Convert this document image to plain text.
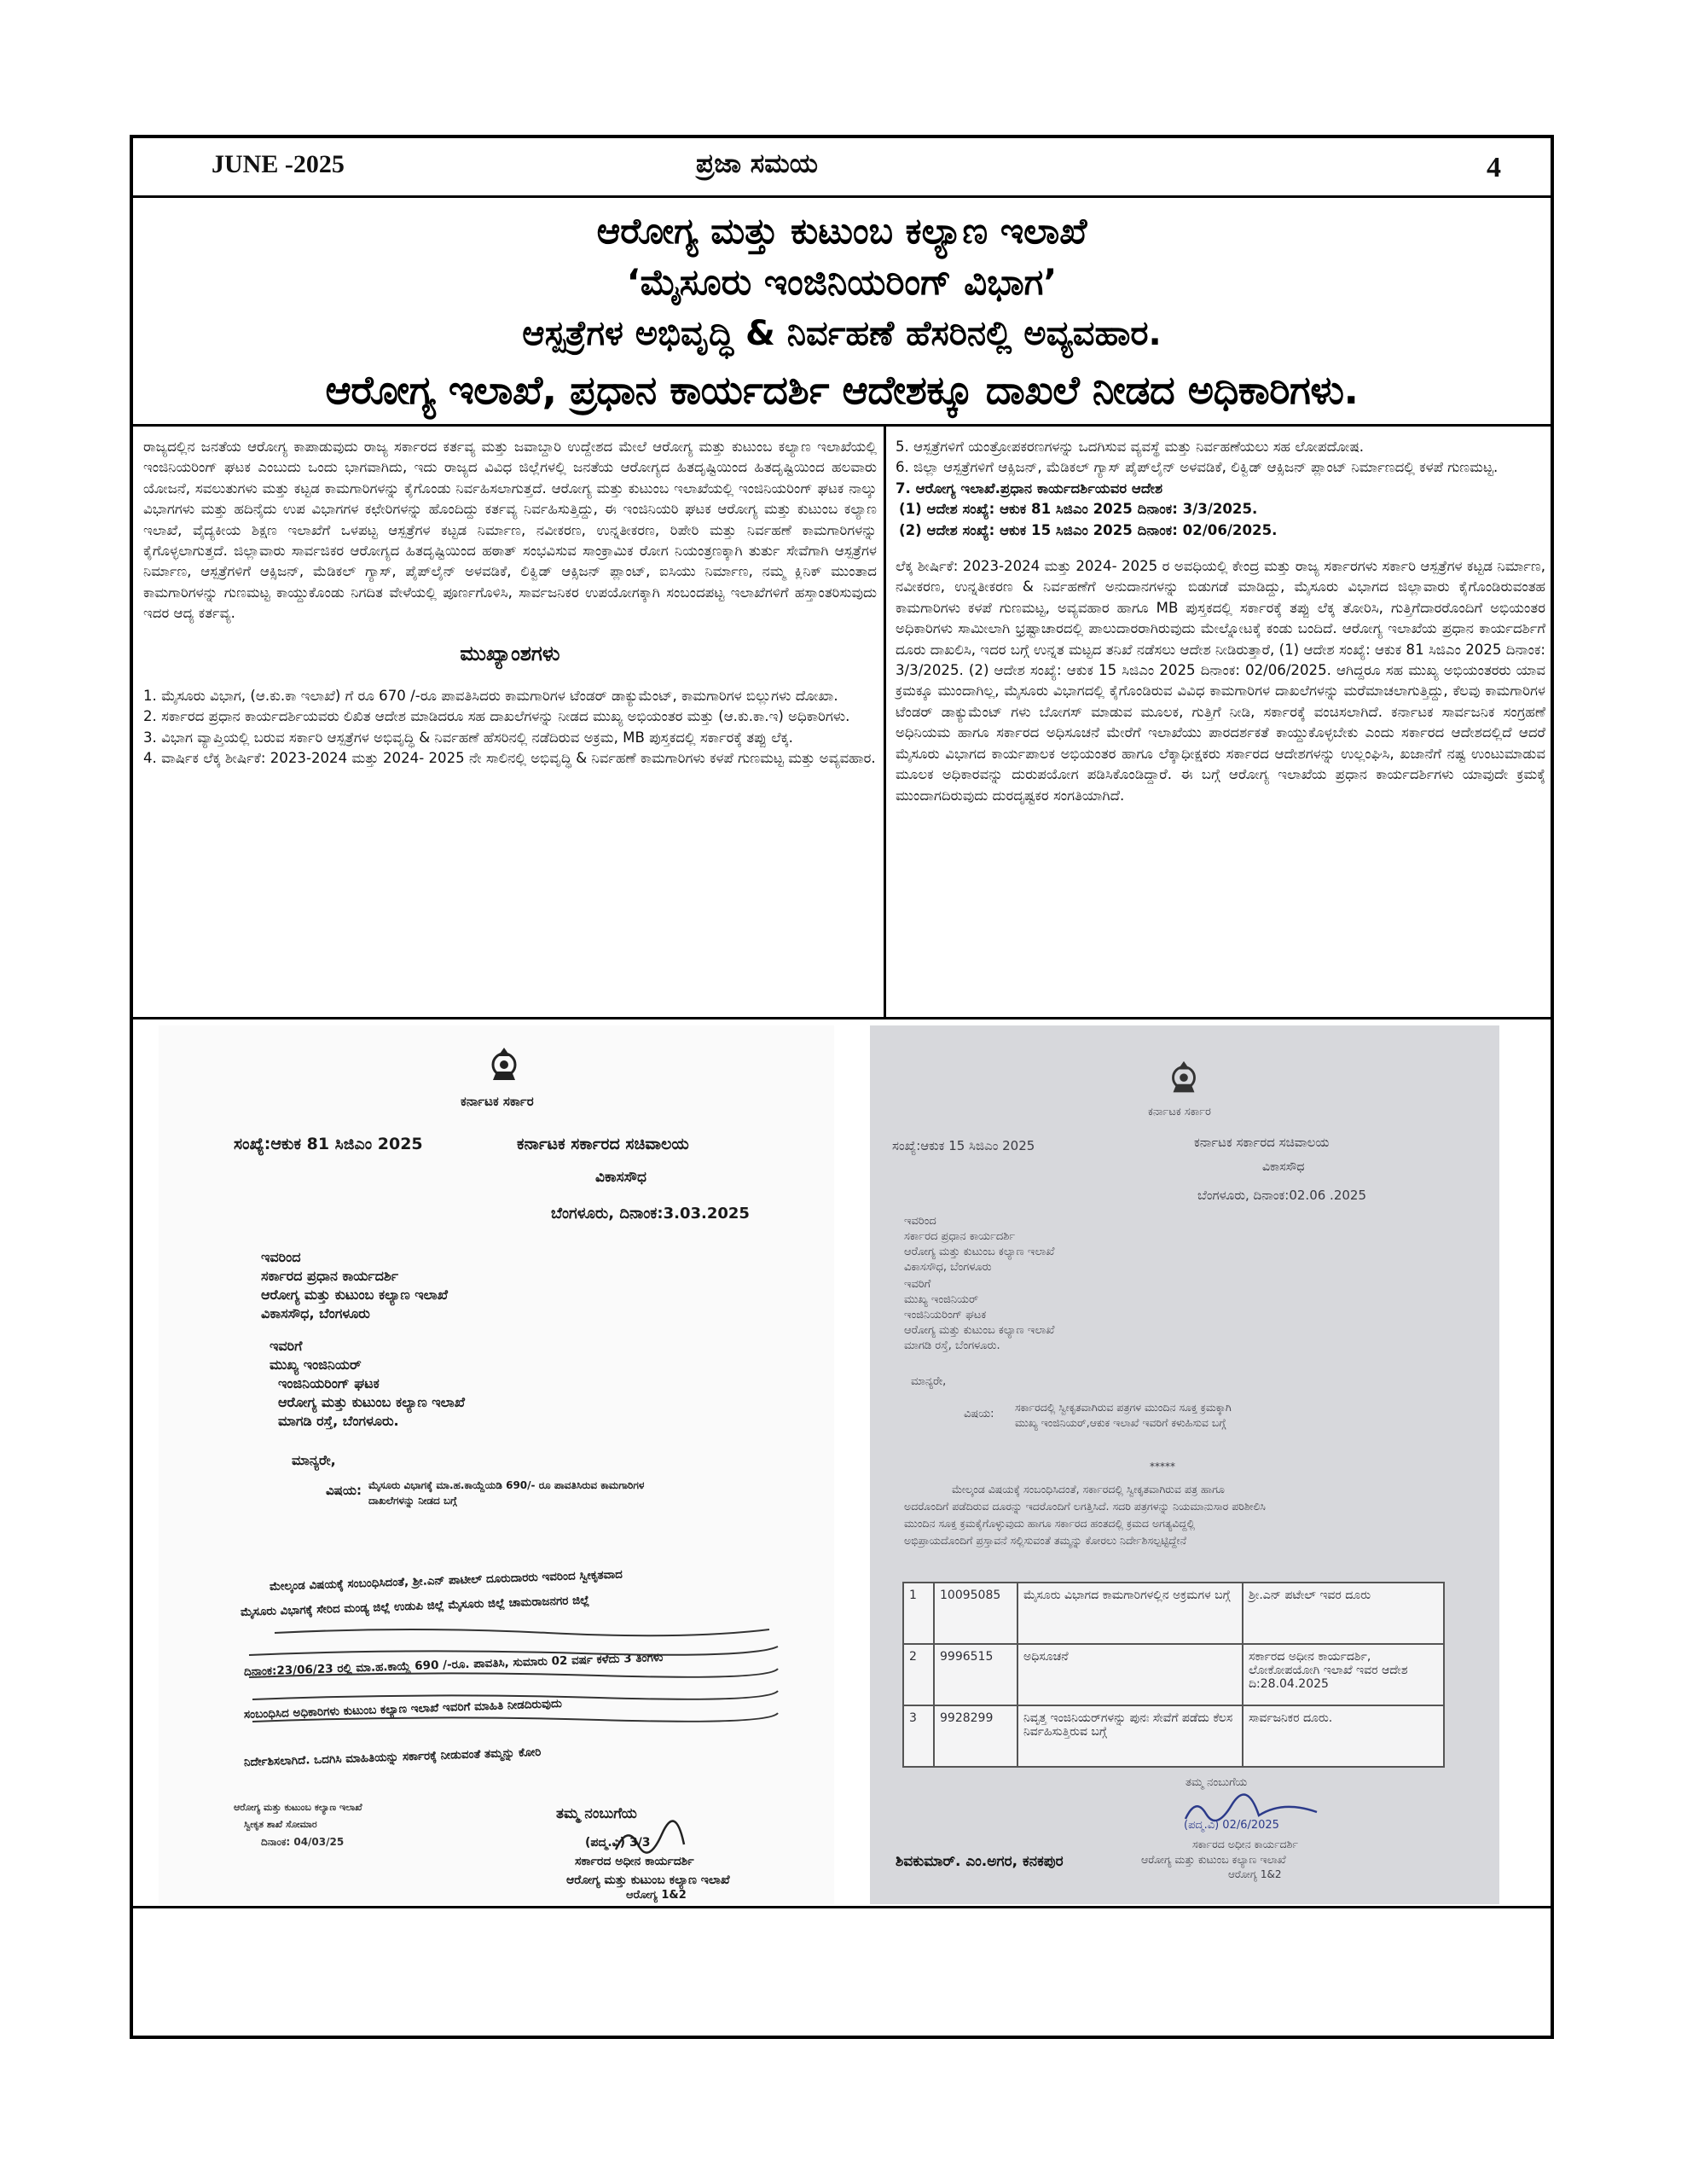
JUNE -2025	ಪ್ರಜಾ ಸಮಯ	4
ಆರೋಗ್ಯ ಮತ್ತು ಕುಟುಂಬ ಕಲ್ಯಾಣ ಇಲಾಖೆ
‘ಮೈಸೂರು ಇಂಜಿನಿಯರಿಂಗ್ ವಿಭಾಗ’
ಆಸ್ಪತ್ರೆಗಳ ಅಭಿವೃದ್ಧಿ & ನಿರ್ವಹಣೆ ಹೆಸರಿನಲ್ಲಿ ಅವ್ಯವಹಾರ.
ಆರೋಗ್ಯ ಇಲಾಖೆ, ಪ್ರಧಾನ ಕಾರ್ಯದರ್ಶಿ ಆದೇಶಕ್ಕೂ ದಾಖಲೆ ನೀಡದ ಅಧಿಕಾರಿಗಳು.

ರಾಜ್ಯದಲ್ಲಿನ ಜನತೆಯ ಆರೋಗ್ಯ ಕಾಪಾಡುವುದು ರಾಜ್ಯ ಸರ್ಕಾರದ ಕರ್ತವ್ಯ ಮತ್ತು ಜವಾಬ್ದಾರಿ ಉದ್ದೇಶದ ಮೇಲೆ ಆರೋಗ್ಯ ಮತ್ತು ಕುಟುಂಬ ಕಲ್ಯಾಣ ಇಲಾಖೆಯಲ್ಲಿ ಇಂಜಿನಿಯರಿಂಗ್ ಘಟಕ ಎಂಬುದು ಒಂದು ಭಾಗವಾಗಿದು, ಇದು ರಾಜ್ಯದ ವಿವಿಧ ಜಿಲ್ಲೆಗಳಲ್ಲಿ ಜನತೆಯ ಆರೋಗ್ಯದ ಹಿತದೃಷ್ಟಿಯಿಂದ ಹಿತದೃಷ್ಟಿಯಿಂದ ಹಲವಾರು ಯೋಜನೆ, ಸವಲುತುಗಳು ಮತ್ತು ಕಟ್ಟಡ ಕಾಮಗಾರಿಗಳನ್ನು ಕೈಗೊಂಡು ನಿರ್ವಹಿಸಲಾಗುತ್ತದೆ. ಆರೋಗ್ಯ ಮತ್ತು ಕುಟುಂಬ ಇಲಾಖೆಯಲ್ಲಿ ಇಂಜಿನಿಯರಿಂಗ್ ಘಟಕ ನಾಲ್ಕು ವಿಭಾಗಗಳು ಮತ್ತು ಹದಿನೈದು ಉಪ ವಿಭಾಗಗಳ ಕಛೇರಿಗಳನ್ನು ಹೊಂದಿದ್ದು ಕರ್ತವ್ಯ ನಿರ್ವಹಿಸುತ್ತಿದ್ದು, ಈ ಇಂಜಿನಿಯರಿ ಘಟಕ ಆರೋಗ್ಯ ಮತ್ತು ಕುಟುಂಬ ಕಲ್ಯಾಣ ಇಲಾಖೆ, ವೈದ್ಯಕೀಯ ಶಿಕ್ಷಣ ಇಲಾಖೆಗೆ ಒಳಪಟ್ಟ ಆಸ್ಪತ್ರೆಗಳ ಕಟ್ಟಡ ನಿರ್ಮಾಣ, ನವೀಕರಣ, ಉನ್ನತೀಕರಣ, ರಿಪೇರಿ ಮತ್ತು ನಿರ್ವಹಣೆ ಕಾಮಗಾರಿಗಳನ್ನು ಕೈಗೊಳ್ಳಲಾಗುತ್ತದೆ. ಜಿಲ್ಲಾವಾರು ಸಾರ್ವಜಿಕರ ಆರೋಗ್ಯದ ಹಿತದೃಷ್ಟಿಯಿಂದ ಹಠಾತ್ ಸಂಭವಿಸುವ ಸಾಂಕ್ರಾಮಿಕ ರೋಗ ನಿಯಂತ್ರಣಕ್ಕಾಗಿ ತುರ್ತು ಸೇವೆಗಾಗಿ ಆಸ್ಪತ್ರೆಗಳ ನಿರ್ಮಾಣ, ಆಸ್ಪತ್ರೆಗಳಿಗೆ ಆಕ್ಸಿಜನ್, ಮೆಡಿಕಲ್ ಗ್ಯಾಸ್, ಪೈಪ್‌ಲೈನ್ ಅಳವಡಿಕೆ, ಲಿಕ್ವಿಡ್ ಆಕ್ಸಿಜನ್ ಪ್ಲಾಂಟ್, ಐಸಿಯು ನಿರ್ಮಾಣ, ನಮ್ಮ ಕ್ಲಿನಿಕ್ ಮುಂತಾದ ಕಾಮಗಾರಿಗಳನ್ನು ಗುಣಮಟ್ಟ ಕಾಯ್ದುಕೊಂಡು ನಿಗದಿತ ವೇಳೆಯಲ್ಲಿ ಪೂರ್ಣಗೊಳಿಸಿ, ಸಾರ್ವಜನಿಕರ ಉಪಯೋಗಕ್ಕಾಗಿ ಸಂಬಂದಪಟ್ಟ ಇಲಾಖೆಗಳಿಗೆ ಹಸ್ತಾಂತರಿಸುವುದು ಇದರ ಆದ್ಯ ಕರ್ತವ್ಯ.

ಮುಖ್ಯಾಂಶಗಳು

1. ಮೈಸೂರು ವಿಭಾಗ, (ಆ.ಕು.ಕಾ ಇಲಾಖೆ) ಗೆ ರೂ 670 /-ರೂ ಪಾವತಿಸಿದರು ಕಾಮಗಾರಿಗಳ ಟೆಂಡರ್ ಡಾಕ್ಯುಮೆಂಟ್, ಕಾಮಗಾರಿಗಳ ಬಿಲ್ಲುಗಳು ದೋಖಾ.

2. ಸರ್ಕಾರದ ಪ್ರಧಾನ ಕಾರ್ಯದರ್ಶಿಯವರು ಲಿಖಿತ ಆದೇಶ ಮಾಡಿದರೂ ಸಹ ದಾಖಲೆಗಳನ್ನು ನೀಡದ ಮುಖ್ಯ ಅಭಿಯಂತರ ಮತ್ತು (ಆ.ಕು.ಕಾ.ಇ) ಅಧಿಕಾರಿಗಳು.

3. ವಿಭಾಗ ವ್ಯಾಪ್ತಿಯಲ್ಲಿ ಬರುವ ಸರ್ಕಾರಿ ಆಸ್ಪತ್ರೆಗಳ ಅಭಿವೃದ್ಧಿ & ನಿರ್ವಹಣೆ ಹೆಸರಿನಲ್ಲಿ ನಡೆದಿರುವ ಅಕ್ರಮ, MB ಪುಸ್ತಕದಲ್ಲಿ ಸರ್ಕಾರಕ್ಕೆ ತಪ್ಪು ಲೆಕ್ಕ.

4. ವಾರ್ಷಿಕ ಲೆಕ್ಕ ಶೀರ್ಷಿಕೆ: 2023-2024 ಮತ್ತು 2024- 2025 ನೇ ಸಾಲಿನಲ್ಲಿ ಅಭಿವೃದ್ಧಿ & ನಿರ್ವಹಣೆ ಕಾಮಗಾರಿಗಳು ಕಳಪೆ ಗುಣಮಟ್ಟ ಮತ್ತು ಅವ್ಯವಹಾರ.

5. ಆಸ್ಪತ್ರೆಗಳಿಗೆ ಯಂತ್ರೋಪಕರಣಗಳನ್ನು ಒದಗಿಸುವ ವ್ಯವಸ್ಥೆ ಮತ್ತು ನಿರ್ವಹಣೆಯಲು ಸಹ ಲೋಪದೋಷ.

6. ಜಿಲ್ಲಾ ಆಸ್ಪತ್ರೆಗಳಿಗೆ ಆಕ್ಸಿಜನ್, ಮೆಡಿಕಲ್ ಗ್ಯಾಸ್ ಪೈಪ್‌ಲೈನ್ ಅಳವಡಿಕೆ, ಲಿಕ್ವಿಡ್ ಆಕ್ಸಿಜನ್ ಪ್ಲಾಂಟ್ ನಿರ್ಮಾಣದಲ್ಲಿ ಕಳಪೆ ಗುಣಮಟ್ಟ.

7. ಆರೋಗ್ಯ ಇಲಾಖೆ.ಪ್ರಧಾನ ಕಾರ್ಯದರ್ಶಿಯವರ ಆದೇಶ

(1) ಆದೇಶ ಸಂಖ್ಯೆ: ಆಕುಕ 81 ಸಿಜಿಎಂ 2025 ದಿನಾಂಕ: 3/3/2025.

(2) ಆದೇಶ ಸಂಖ್ಯೆ: ಆಕುಕ 15 ಸಿಜಿಎಂ 2025 ದಿನಾಂಕ: 02/06/2025.

ಲೆಕ್ಕ ಶೀರ್ಷಿಕೆ: 2023-2024 ಮತ್ತು 2024- 2025 ರ ಅವಧಿಯಲ್ಲಿ ಕೇಂದ್ರ ಮತ್ತು ರಾಜ್ಯ ಸರ್ಕಾರಗಳು ಸರ್ಕಾರಿ ಆಸ್ಪತ್ರೆಗಳ ಕಟ್ಟಡ ನಿರ್ಮಾಣ, ನವೀಕರಣ, ಉನ್ನತೀಕರಣ & ನಿರ್ವಹಣೆಗೆ ಅನುದಾನಗಳನ್ನು ಬಿಡುಗಡೆ ಮಾಡಿದ್ದು, ಮೈಸೂರು ವಿಭಾಗದ ಜಿಲ್ಲಾವಾರು ಕೈಗೊಂಡಿರುವಂತಹ ಕಾಮಗಾರಿಗಳು ಕಳಪೆ ಗುಣಮಟ್ಟ, ಅವ್ಯವಹಾರ ಹಾಗೂ MB ಪುಸ್ತಕದಲ್ಲಿ ಸರ್ಕಾರಕ್ಕೆ ತಪ್ಪು ಲೆಕ್ಕ ತೋರಿಸಿ, ಗುತ್ತಿಗೆದಾರರೊಂದಿಗೆ ಅಭಿಯಂತರ ಅಧಿಕಾರಿಗಳು ಸಾಮೀಲಾಗಿ ಭ್ರಷ್ಟಾಚಾರದಲ್ಲಿ ಪಾಲುದಾರರಾಗಿರುವುದು ಮೇಲ್ನೋಟಕ್ಕೆ ಕಂಡು ಬಂದಿದೆ. ಆರೋಗ್ಯ ಇಲಾಖೆಯ ಪ್ರಧಾನ ಕಾರ್ಯದರ್ಶಿಗೆ ದೂರು ದಾಖಲಿಸಿ, ಇದರ ಬಗ್ಗೆ ಉನ್ನತ ಮಟ್ಟದ ತನಿಖೆ ನಡೆಸಲು ಆದೇಶ ನೀಡಿರುತ್ತಾರೆ, (1) ಆದೇಶ ಸಂಖ್ಯೆ: ಆಕುಕ 81 ಸಿಜಿಎಂ 2025 ದಿನಾಂಕ: 3/3/2025. (2) ಆದೇಶ ಸಂಖ್ಯೆ: ಆಕುಕ 15 ಸಿಜಿಎಂ 2025 ದಿನಾಂಕ: 02/06/2025. ಆಗಿದ್ದರೂ ಸಹ ಮುಖ್ಯ ಅಭಿಯಂತರರು ಯಾವ ಕ್ರಮಕ್ಕೂ ಮುಂದಾಗಿಲ್ಲ, ಮೈಸೂರು ವಿಭಾಗದಲ್ಲಿ ಕೈಗೊಂಡಿರುವ ವಿವಿಧ ಕಾಮಗಾರಿಗಳ ದಾಖಲೆಗಳನ್ನು ಮರೆಮಾಚಲಾಗುತ್ತಿದ್ದು, ಕೆಲವು ಕಾಮಗಾರಿಗಳ ಟೆಂಡರ್ ಡಾಕ್ಯುಮೆಂಟ್ ಗಳು ಬೋಗಸ್ ಮಾಡುವ ಮೂಲಕ, ಗುತ್ತಿಗೆ ನೀಡಿ, ಸರ್ಕಾರಕ್ಕೆ ವಂಚಿಸಲಾಗಿದೆ. ಕರ್ನಾಟಕ ಸಾರ್ವಜನಿಕ ಸಂಗ್ರಹಣೆ ಅಧಿನಿಯಮ ಹಾಗೂ ಸರ್ಕಾರದ ಅಧಿಸೂಚನೆ ಮೇರೆಗೆ ಇಲಾಖೆಯು ಪಾರದರ್ಶಕತೆ ಕಾಯ್ದುಕೊಳ್ಳಬೇಕು ಎಂದು ಸರ್ಕಾರದ ಆದೇಶದಲ್ಲಿದೆ ಆದರೆ ಮೈಸೂರು ವಿಭಾಗದ ಕಾರ್ಯಪಾಲಕ ಅಭಿಯಂತರ ಹಾಗೂ ಲೆಕ್ಕಾಧೀಕ್ಷಕರು ಸರ್ಕಾರದ ಆದೇಶಗಳನ್ನು ಉಲ್ಲಂಘಿಸಿ, ಖಜಾನೆಗೆ ನಷ್ಟ ಉಂಟುಮಾಡುವ ಮೂಲಕ ಅಧಿಕಾರವನ್ನು ದುರುಪಯೋಗ ಪಡಿಸಿಕೊಂಡಿದ್ದಾರೆ. ಈ ಬಗ್ಗೆ ಆರೋಗ್ಯ ಇಲಾಖೆಯ ಪ್ರಧಾನ ಕಾರ್ಯದರ್ಶಿಗಳು ಯಾವುದೇ ಕ್ರಮಕ್ಕೆ ಮುಂದಾಗದಿರುವುದು ದುರದೃಷ್ಟಕರ ಸಂಗತಿಯಾಗಿದೆ.

ಕರ್ನಾಟಕ ಸರ್ಕಾರ
ಸಂಖ್ಯೆ:ಆಕುಕ 81 ಸಿಜಿಎಂ 2025	ಕರ್ನಾಟಕ ಸರ್ಕಾರದ ಸಚಿವಾಲಯ
ವಿಕಾಸಸೌಧ
ಬೆಂಗಳೂರು, ದಿನಾಂಕ:3.03.2025
ಇವರಿಂದ
ಸರ್ಕಾರದ ಪ್ರಧಾನ ಕಾರ್ಯದರ್ಶಿ
ಆರೋಗ್ಯ ಮತ್ತು ಕುಟುಂಬ ಕಲ್ಯಾಣ ಇಲಾಖೆ
ವಿಕಾಸಸೌಧ, ಬೆಂಗಳೂರು
ಇವರಿಗೆ
ಮುಖ್ಯ ಇಂಜಿನಿಯರ್
ಇಂಜಿನಿಯರಿಂಗ್ ಘಟಕ
ಆರೋಗ್ಯ ಮತ್ತು ಕುಟುಂಬ ಕಲ್ಯಾಣ ಇಲಾಖೆ
ಮಾಗಡಿ ರಸ್ತೆ, ಬೆಂಗಳೂರು.
ಮಾನ್ಯರೇ,
ವಿಷಯ: ಮೈಸೂರು ವಿಭಾಗಕ್ಕೆ ಮಾ.ಹ.ಕಾಯ್ದೆಯಡಿ 690/- ರೂ ಪಾವತಿಸಿರುವ ಕಾಮಗಾರಿಗಳ ದಾಖಲೆಗಳನ್ನು ನೀಡದ ಬಗ್ಗೆ
ಮೇಲ್ಕಂಡ ವಿಷಯಕ್ಕೆ ಸಂಬಂಧಿಸಿದಂತೆ, ಶ್ರೀ.ಎನ್ ಪಾಟೀಲ್ ದೂರುದಾರರು ಇವರಿಂದ ಸ್ವೀಕೃತವಾದ
ಮೈಸೂರು ವಿಭಾಗಕ್ಕೆ ಸೇರಿದ ಮಂಡ್ಯ ಜಿಲ್ಲೆ ಉಡುಪಿ ಜಿಲ್ಲೆ ಮೈಸೂರು ಜಿಲ್ಲೆ ಚಾಮರಾಜನಗರ ಜಿಲ್ಲೆ
ದಿನಾಂಕ:23/06/23 ರಲ್ಲಿ ಮಾ.ಹ.ಕಾಯ್ದೆ 690 /-ರೂ. ಪಾವತಿಸಿ, ಸುಮಾರು 02 ವರ್ಷ ಕಳೆದು 3 ತಿಂಗಳು
ಸಂಬಂಧಿಸಿದ ಅಧಿಕಾರಿಗಳು ಕುಟುಂಬ ಕಲ್ಯಾಣ ಇಲಾಖೆ ಇವರಿಗೆ ಮಾಹಿತಿ ನೀಡದಿರುವುದು
ನಿರ್ದೇಶಿಸಲಾಗಿದೆ. ಒದಗಿಸಿ ಮಾಹಿತಿಯನ್ನು ಸರ್ಕಾರಕ್ಕೆ ನೀಡುವಂತೆ ತಮ್ಮನ್ನು ಕೋರಿ
ಆರೋಗ್ಯ ಮತ್ತು ಕುಟುಂಬ ಕಲ್ಯಾಣ ಇಲಾಖೆ
ಸ್ವೀಕೃತ ಶಾಖೆ ಸೋಮಾರ
ದಿನಾಂಕ: 04/03/25
ತಮ್ಮ ನಂಬುಗೆಯ
(ಪದ್ಮ.ವಿ) 3/3
ಸರ್ಕಾರದ ಅಧೀನ ಕಾರ್ಯದರ್ಶಿ
ಆರೋಗ್ಯ ಮತ್ತು ಕುಟುಂಬ ಕಲ್ಯಾಣ ಇಲಾಖೆ
ಆರೋಗ್ಯ 1&2
ಕರ್ನಾಟಕ ಸರ್ಕಾರ
ಸಂಖ್ಯೆ:ಆಕುಕ 15 ಸಿಜಿಎಂ 2025	ಕರ್ನಾಟಕ ಸರ್ಕಾರದ ಸಚಿವಾಲಯ
ವಿಕಾಸಸೌಧ
ಬೆಂಗಳೂರು, ದಿನಾಂಕ:02.06 .2025
ಇವರಿಂದ
ಸರ್ಕಾರದ ಪ್ರಧಾನ ಕಾರ್ಯದರ್ಶಿ
ಆರೋಗ್ಯ ಮತ್ತು ಕುಟುಂಬ ಕಲ್ಯಾಣ ಇಲಾಖೆ
ವಿಕಾಸಸೌಧ, ಬೆಂಗಳೂರು
ಇವರಿಗೆ
ಮುಖ್ಯ ಇಂಜಿನಿಯರ್
ಇಂಜಿನಿಯರಿಂಗ್ ಘಟಕ
ಆರೋಗ್ಯ ಮತ್ತು ಕುಟುಂಬ ಕಲ್ಯಾಣ ಇಲಾಖೆ
ಮಾಗಡಿ ರಸ್ತೆ, ಬೆಂಗಳೂರು.
ಮಾನ್ಯರೇ,
ವಿಷಯ:
ಸರ್ಕಾರದಲ್ಲಿ ಸ್ವೀಕೃತವಾಗಿರುವ ಪತ್ರಗಳ ಮುಂದಿನ ಸೂಕ್ತ ಕ್ರಮಕ್ಕಾಗಿ
ಮುಖ್ಯ ಇಂಜಿನಿಯರ್,ಆಕುಕ ಇಲಾಖೆ ಇವರಿಗೆ ಕಳುಹಿಸುವ ಬಗ್ಗೆ
*****
ಮೇಲ್ಕಂಡ ವಿಷಯಕ್ಕೆ ಸಂಬಂಧಿಸಿದಂತೆ, ಸರ್ಕಾರದಲ್ಲಿ ಸ್ವೀಕೃತವಾಗಿರುವ ಪತ್ರ ಹಾಗೂ
ಅದರೊಂದಿಗೆ ಪಡೆದಿರುವ ದೂರನ್ನು ಇದರೊಂದಿಗೆ ಲಗತ್ತಿಸಿದೆ. ಸದರಿ ಪತ್ರಗಳನ್ನು ನಿಯಮಾನುಸಾರ ಪರಿಶೀಲಿಸಿ
ಮುಂದಿನ ಸೂಕ್ತ ಕ್ರಮಕೈಗೊಳ್ಳುವುದು ಹಾಗೂ ಸರ್ಕಾರದ ಹಂತದಲ್ಲಿ ಕ್ರಮದ ಅಗತ್ಯವಿದ್ದಲ್ಲಿ
ಅಭಿಪ್ರಾಯದೊಂದಿಗೆ ಪ್ರಸ್ತಾವನೆ ಸಲ್ಲಿಸುವಂತೆ ತಮ್ಮನ್ನು ಕೋರಲು ನಿರ್ದೇಶಿಸಲ್ಪಟ್ಟಿದ್ದೇನೆ
1	10095085	ಮೈಸೂರು ವಿಭಾಗದ ಕಾಮಗಾರಿಗಳಲ್ಲಿನ ಅಕ್ರಮಗಳ ಬಗ್ಗೆ	ಶ್ರೀ.ಎನ್ ಪಟೇಲ್ ಇವರ ದೂರು
2	9996515	ಅಧಿಸೂಚನೆ	ಸರ್ಕಾರದ ಅಧೀನ ಕಾರ್ಯದರ್ಶಿ, ಲೋಕೋಪಯೋಗಿ ಇಲಾಖೆ ಇವರ ಆದೇಶ ದಿ:28.04.2025
3	9928299	ನಿವೃತ್ತ ಇಂಜಿನಿಯರ್‌ಗಳನ್ನು ಪುನಃ ಸೇವೆಗೆ ಪಡೆದು ಕೆಲಸ ನಿರ್ವಹಿಸುತ್ತಿರುವ ಬಗ್ಗೆ	ಸಾರ್ವಜನಿಕರ ದೂರು.
ತಮ್ಮ ನಂಬುಗೆಯ
(ಪದ್ಮ.ವಿ) 02/6/2025
ಸರ್ಕಾರದ ಅಧೀನ ಕಾರ್ಯದರ್ಶಿ
ಆರೋಗ್ಯ ಮತ್ತು ಕುಟುಂಬ ಕಲ್ಯಾಣ ಇಲಾಖೆ
ಆರೋಗ್ಯ 1&2
ಶಿವಕುಮಾರ್. ಎಂ.ಅಗರ, ಕನಕಪುರ
